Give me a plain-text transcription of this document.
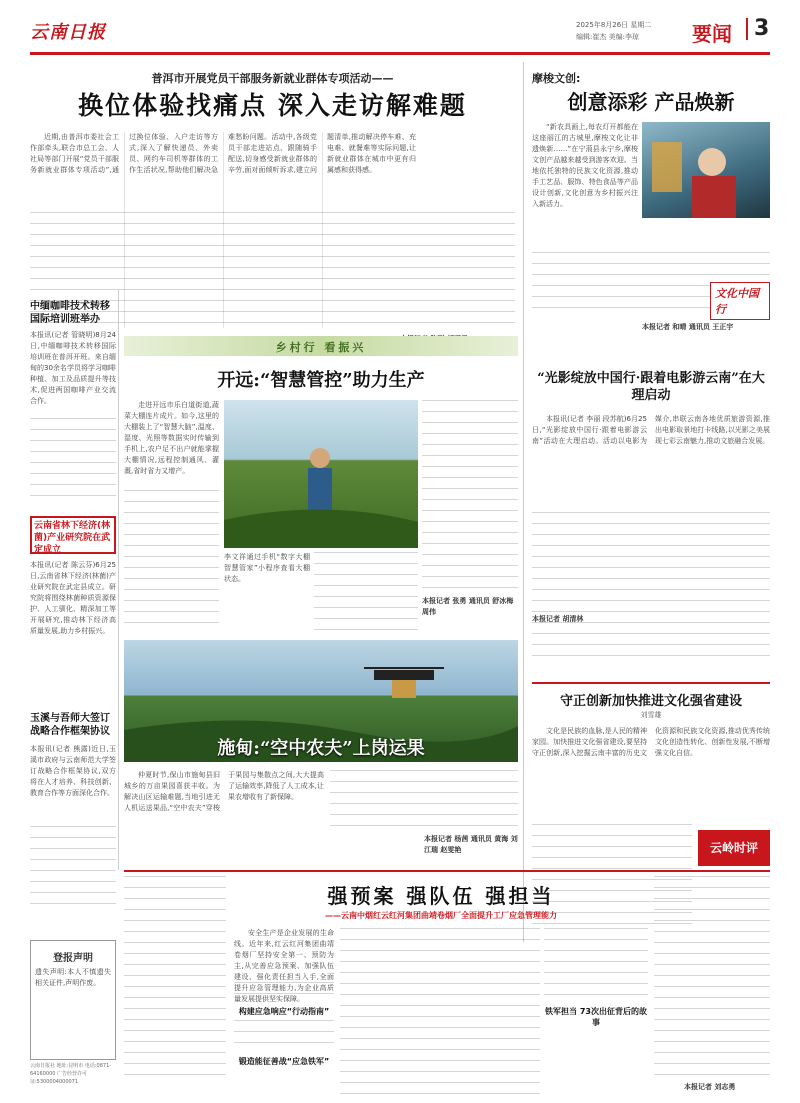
云南日报	2025年8月26日 星期二
编辑:崔杰 美编:李琼	要闻 3
普洱市开展党员干部服务新就业群体专项活动——
换位体验找痛点 深入走访解难题
近期,由普洱市委社会工作部牵头,联合市总工会、人社局等部门开展“党员干部服务新就业群体专项活动”,通过换位体验、入户走访等方式,深入了解快递员、外卖员、网约车司机等群体的工作生活状况,帮助他们解决急难愁盼问题。活动中,各级党员干部走进站点、跟随骑手配送,切身感受新就业群体的辛劳,面对面倾听诉求,建立问题清单,推动解决停车难、充电难、就餐难等实际问题,让新就业群体在城市中更有归属感和获得感。
摩梭文创:
创意添彩 产品焕新
“新农具画上,每农灯开都能在这座丽江的古城里,摩梭文化让非遗焕新……”在宁蒗县永宁乡,摩梭文创产品越来越受到游客欢迎。当地依托独特的民族文化资源,推动手工艺品、服饰、特色食品等产品设计创新,文化创意为乡村振兴注入新活力。
本报记者 和晴 通讯员 王正宇
文化中国行
中缅咖啡技术转移国际培训班举办
本报讯(记者 管晓明)8月24日,中缅咖啡技术转移国际培训班在普洱开班。来自缅甸的30余名学员将学习咖啡种植、加工及品质提升等技术,促进两国咖啡产业交流合作。
云南省林下经济(林菌)产业研究院在武定成立
本报讯(记者 陈云芬)6月25日,云南省林下经济(林菌)产业研究院在武定县成立。研究院将围绕林菌种质资源保护、人工驯化、精深加工等开展研究,推动林下经济高质量发展,助力乡村振兴。
玉溪与吾师大签订战略合作框架协议
本报讯(记者 熊露)近日,玉溪市政府与云南师范大学签订战略合作框架协议,双方将在人才培养、科技创新、教育合作等方面深化合作。
登报声明
遗失声明:本人不慎遗失相关证件,声明作废。
乡村行 看振兴
开远:“智慧管控”助力生产
走进开远市乐白道街道,蔬菜大棚连片成片。如今,这里的大棚装上了“智慧大脑”,温度、湿度、光照等数据实时传输到手机上,农户足不出户就能掌握大棚情况,远程控制通风、灌溉,省时省力又增产。
李文祥通过手机“数字大棚智慧管家”小程序查看大棚状态。
本报记者 张勇 通讯员 舒冰梅 周伟
施甸:“空中农夫”上岗运果
仲夏时节,保山市施甸县旧城乡的万亩果园喜获丰收。为解决山区运输难题,当地引进无人机运送果品,“空中农夫”穿梭于果园与集散点之间,大大提高了运输效率,降低了人工成本,让果农增收有了新保障。
本报记者 杨茜 通讯员 黄海 刘江瑞 赵雯艳
“光影绽放中国行·跟着电影游云南”在大理启动
本报讯(记者 李丽 段苏航)6月25日,“光影绽放中国行·跟着电影游云南”活动在大理启动。活动以电影为媒介,串联云南各地优质旅游资源,推出电影取景地打卡线路,以光影之美展现七彩云南魅力,推动文旅融合发展。
本报记者 胡清林
守正创新加快推进文化强省建设
刘雪雄
文化是民族的血脉,是人民的精神家园。加快推进文化强省建设,要坚持守正创新,深入挖掘云南丰富的历史文化资源和民族文化资源,推动优秀传统文化创造性转化、创新性发展,不断增强文化自信。
云岭时评
强预案 强队伍 强担当
——云南中烟红云红河集团曲靖卷烟厂全面提升工厂应急管理能力
安全生产是企业发展的生命线。近年来,红云红河集团曲靖卷烟厂坚持安全第一、预防为主,从完善应急预案、加强队伍建设、强化责任担当入手,全面提升应急管理能力,为企业高质量发展提供坚实保障。
构建应急响应“行动指南”
锻造能征善战“应急铁军”
铁军担当 73次出征背后的故事
本报记者 刘志勇
云南日报社 地址:昆明市 电话:0871-64160000 广告经营许可证:5300004000071
